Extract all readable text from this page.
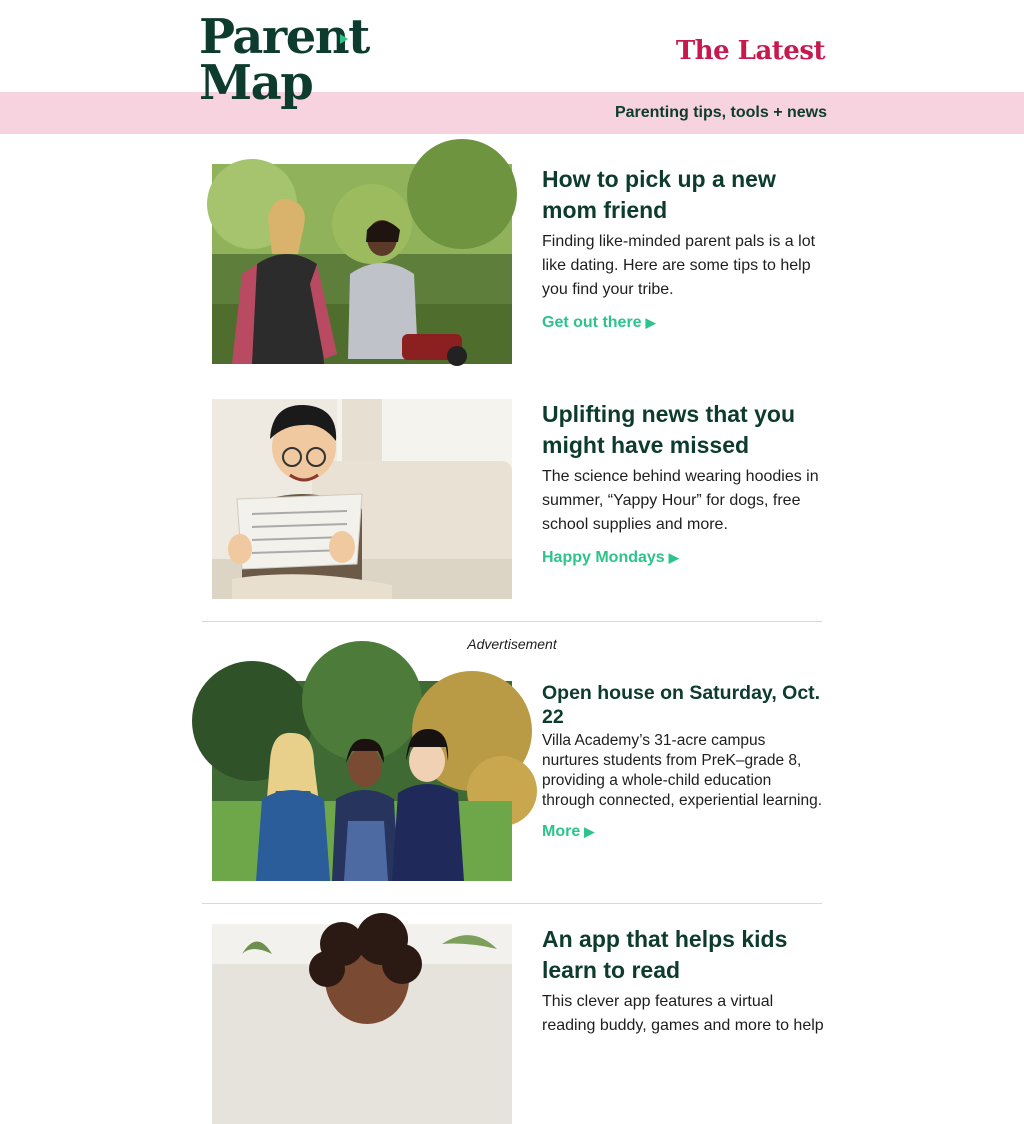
Parent
Map
The Latest
Parenting tips, tools + news
How to pick up a new mom friend

Finding like-minded parent pals is a lot like dating. Here are some tips to help you find your tribe.

Get out there ▶
Uplifting news that you might have missed

The science behind wearing hoodies in summer, “Yappy Hour” for dogs, free school supplies and more.

Happy Mondays ▶
Advertisement
Open house on Saturday, Oct. 22

Villa Academy’s 31-acre campus nurtures students from PreK–grade 8, providing a whole-child education through connected, experiential learning.

More ▶
An app that helps kids learn to read

This clever app features a virtual reading buddy, games and more to help
